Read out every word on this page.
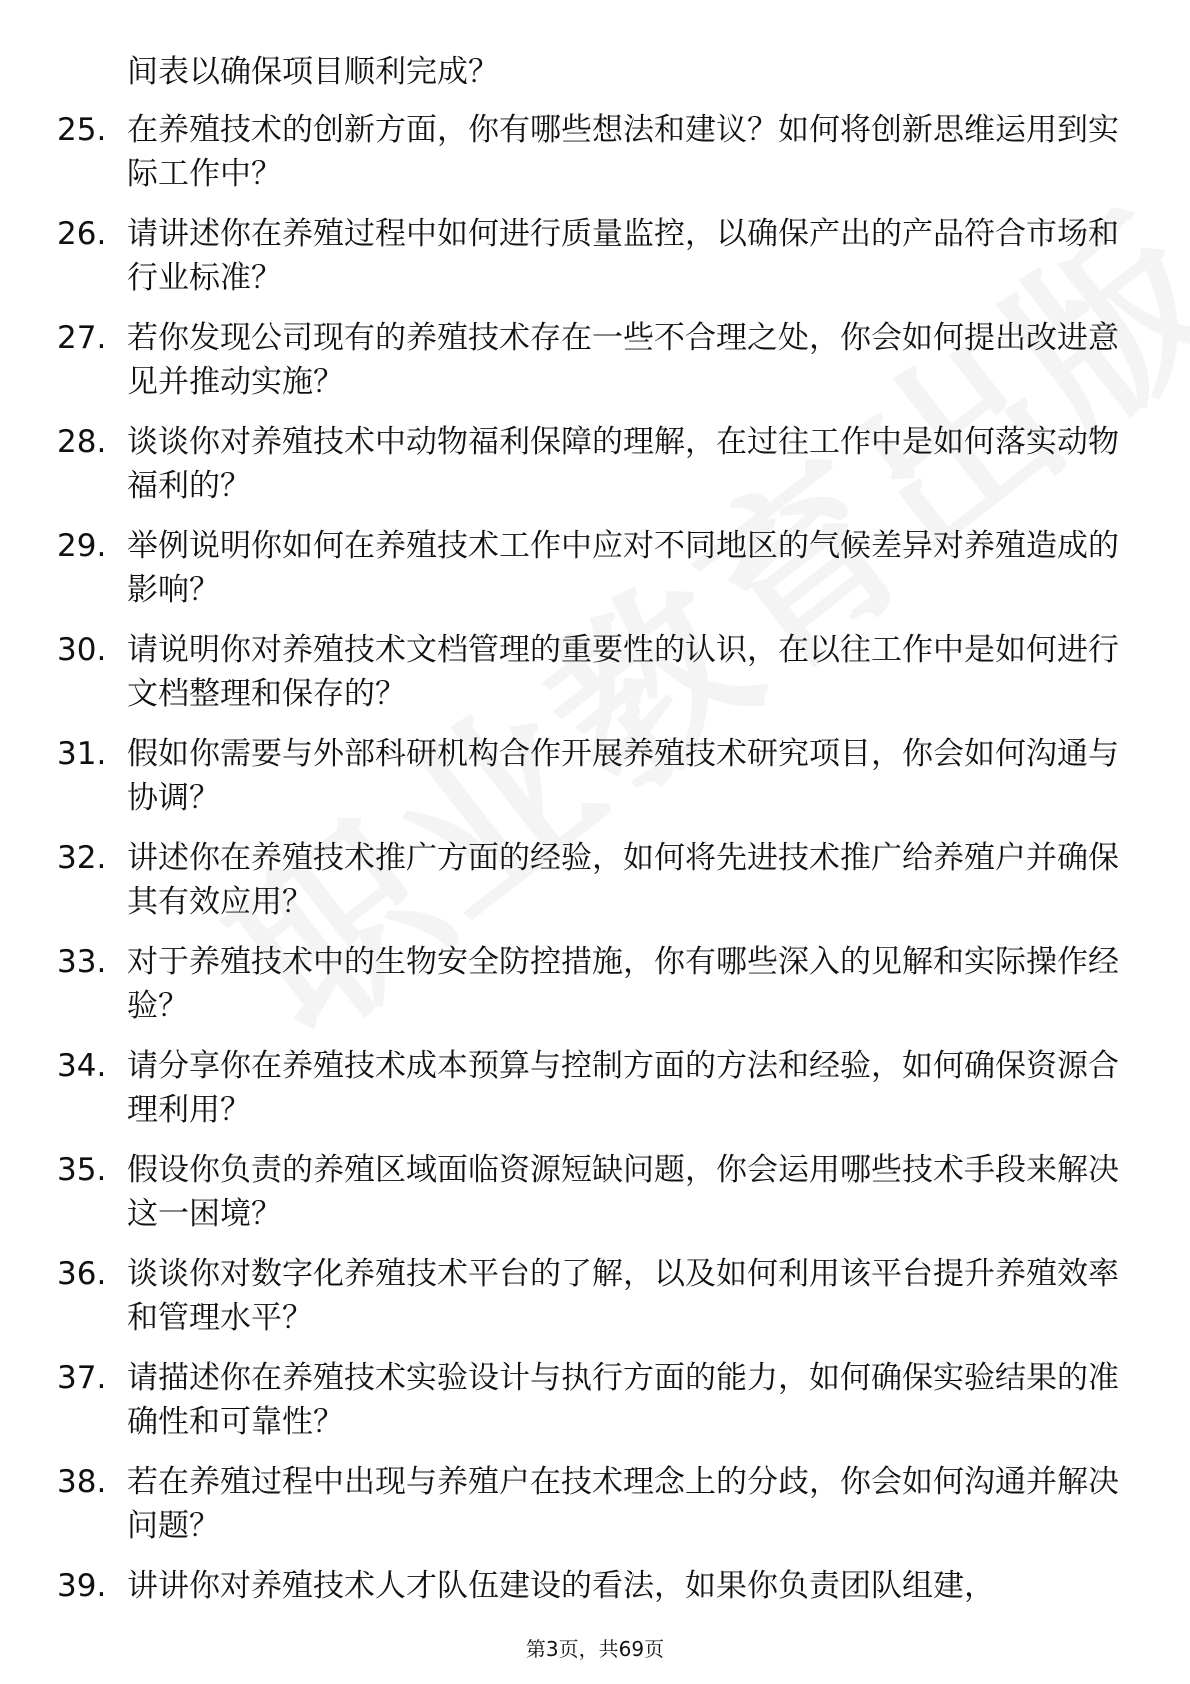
间表以确保项目顺利完成？

25. 在养殖技术的创新方面，你有哪些想法和建议？如何将创新思维运用到实际工作中？

26. 请讲述你在养殖过程中如何进行质量监控，以确保产出的产品符合市场和行业标准？

27. 若你发现公司现有的养殖技术存在一些不合理之处，你会如何提出改进意见并推动实施？

28. 谈谈你对养殖技术中动物福利保障的理解，在过往工作中是如何落实动物福利的？

29. 举例说明你如何在养殖技术工作中应对不同地区的气候差异对养殖造成的影响？

30. 请说明你对养殖技术文档管理的重要性的认识，在以往工作中是如何进行文档整理和保存的？

31. 假如你需要与外部科研机构合作开展养殖技术研究项目，你会如何沟通与协调？

32. 讲述你在养殖技术推广方面的经验，如何将先进技术推广给养殖户并确保其有效应用？

33. 对于养殖技术中的生物安全防控措施，你有哪些深入的见解和实际操作经验？

34. 请分享你在养殖技术成本预算与控制方面的方法和经验，如何确保资源合理利用？

35. 假设你负责的养殖区域面临资源短缺问题，你会运用哪些技术手段来解决这一困境？

36. 谈谈你对数字化养殖技术平台的了解，以及如何利用该平台提升养殖效率和管理水平？

37. 请描述你在养殖技术实验设计与执行方面的能力，如何确保实验结果的准确性和可靠性？

38. 若在养殖过程中出现与养殖户在技术理念上的分歧，你会如何沟通并解决问题？

39. 讲讲你对养殖技术人才队伍建设的看法，如果你负责团队组建，

第3页，共69页
